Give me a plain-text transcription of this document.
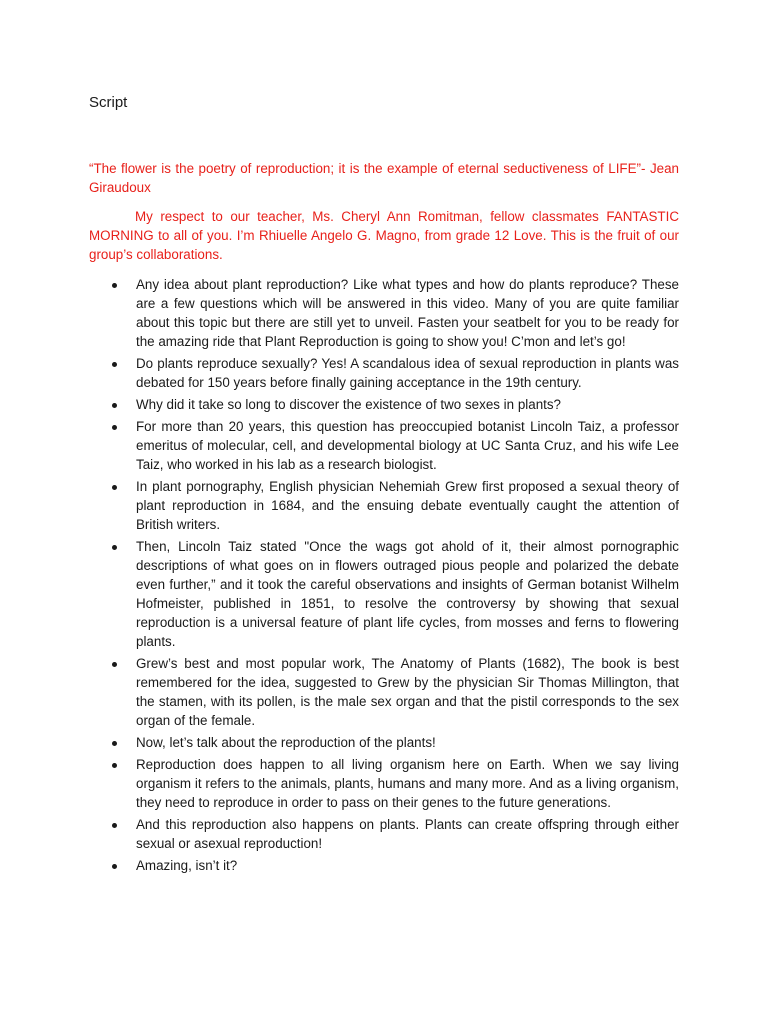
Script
“The flower is the poetry of reproduction; it is the example of eternal seductiveness of LIFE”- Jean Giraudoux
My respect to our teacher, Ms. Cheryl Ann Romitman, fellow classmates FANTASTIC MORNING to all of you. I’m Rhiuelle Angelo G. Magno, from grade 12 Love. This is the fruit of our group’s collaborations.
Any idea about plant reproduction? Like what types and how do plants reproduce? These are a few questions which will be answered in this video. Many of you are quite familiar about this topic but there are still yet to unveil. Fasten your seatbelt for you to be ready for the amazing ride that Plant Reproduction is going to show you! C’mon and let’s go!
Do plants reproduce sexually? Yes! A scandalous idea of sexual reproduction in plants was debated for 150 years before finally gaining acceptance in the 19th century.
Why did it take so long to discover the existence of two sexes in plants?
For more than 20 years, this question has preoccupied botanist Lincoln Taiz, a professor emeritus of molecular, cell, and developmental biology at UC Santa Cruz, and his wife Lee Taiz, who worked in his lab as a research biologist.
In plant pornography, English physician Nehemiah Grew first proposed a sexual theory of plant reproduction in 1684, and the ensuing debate eventually caught the attention of British writers.
Then, Lincoln Taiz stated "Once the wags got ahold of it, their almost pornographic descriptions of what goes on in flowers outraged pious people and polarized the debate even further,” and it took the careful observations and insights of German botanist Wilhelm Hofmeister, published in 1851, to resolve the controversy by showing that sexual reproduction is a universal feature of plant life cycles, from mosses and ferns to flowering plants.
Grew’s best and most popular work, The Anatomy of Plants (1682), The book is best remembered for the idea, suggested to Grew by the physician Sir Thomas Millington, that the stamen, with its pollen, is the male sex organ and that the pistil corresponds to the sex organ of the female.
Now, let’s talk about the reproduction of the plants!
Reproduction does happen to all living organism here on Earth. When we say living organism it refers to the animals, plants, humans and many more. And as a living organism, they need to reproduce in order to pass on their genes to the future generations.
And this reproduction also happens on plants. Plants can create offspring through either sexual or asexual reproduction!
Amazing, isn’t it?
